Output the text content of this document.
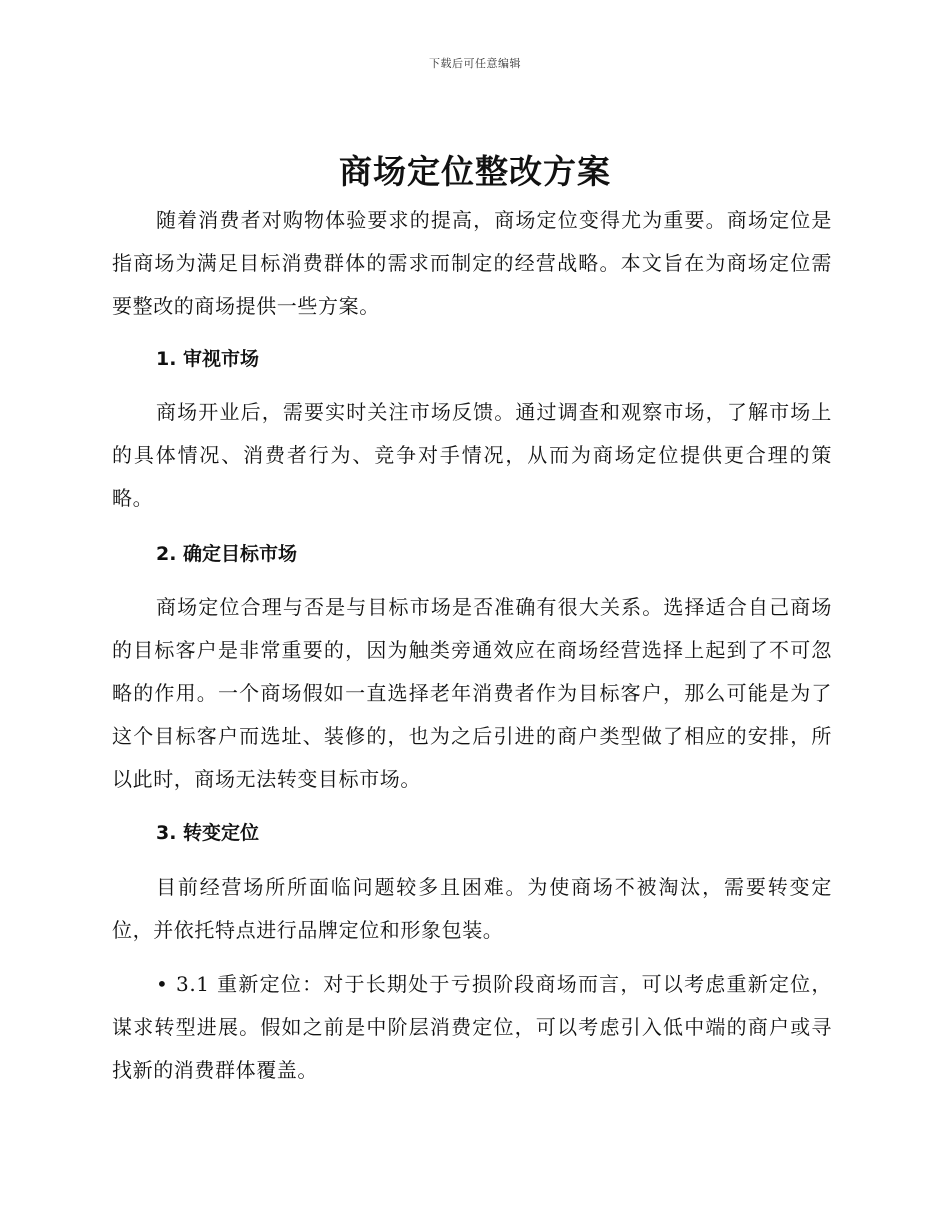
下载后可任意编辑
商场定位整改方案

随着消费者对购物体验要求的提高，商场定位变得尤为重要。商场定位是指商场为满足目标消费群体的需求而制定的经营战略。本文旨在为商场定位需要整改的商场提供一些方案。

1. 审视市场

商场开业后，需要实时关注市场反馈。通过调查和观察市场，了解市场上的具体情况、消费者行为、竞争对手情况，从而为商场定位提供更合理的策略。

2. 确定目标市场

商场定位合理与否是与目标市场是否准确有很大关系。选择适合自己商场的目标客户是非常重要的，因为触类旁通效应在商场经营选择上起到了不可忽略的作用。一个商场假如一直选择老年消费者作为目标客户，那么可能是为了这个目标客户而选址、装修的，也为之后引进的商户类型做了相应的安排，所以此时，商场无法转变目标市场。

3. 转变定位

目前经营场所所面临问题较多且困难。为使商场不被淘汰，需要转变定位，并依托特点进行品牌定位和形象包装。

• 3.1 重新定位：对于长期处于亏损阶段商场而言，可以考虑重新定位，谋求转型进展。假如之前是中阶层消费定位，可以考虑引入低中端的商户或寻找新的消费群体覆盖。
